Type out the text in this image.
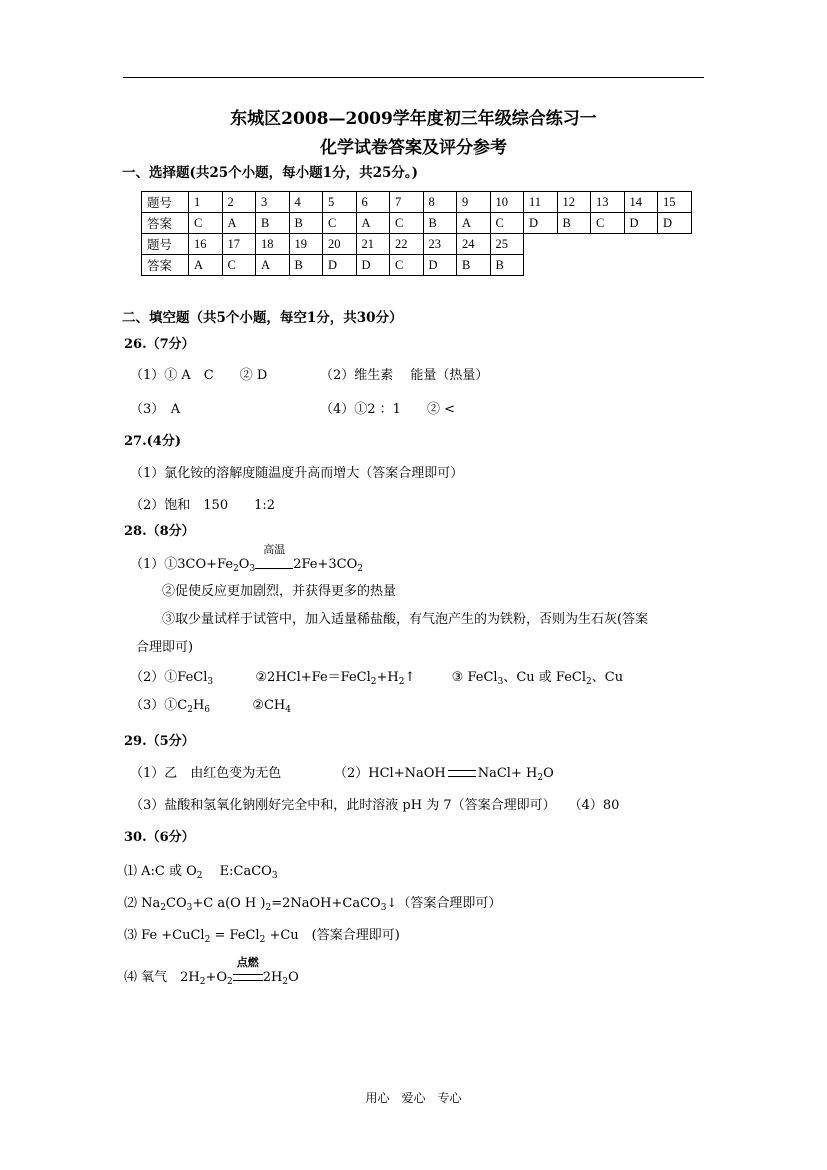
东城区2008—2009学年度初三年级综合练习一
化学试卷答案及评分参考
一、选择题(共25个小题，每小题1分，共25分。)
题号	1	2	3	4	5	6	7	8	9	10	11	12	13	14	15
答案	C	A	B	B	C	A	C	B	A	C	D	B	C	D	D
题号	16	17	18	19	20	21	22	23	24	25					
答案	A	C	A	B	D	D	C	D	B	B					
二、填空题（共5个小题，每空1分，共30分）
26.（7分）
（1）① A　C　　② D	（2）维生素　 能量（热量）
（3）　A	（4）①2 ：1　　② <
27.(4分)
（1）氯化铵的溶解度随温度升高而增大（答案合理即可）
（2）饱和　150　　1:2
28.（8分）
$(1)①3CO+Fe_2O_3$
高温
$2Fe+3CO_2$
②促使反应更加剧烈，并获得更多的热量
③取少量试样于试管中，加入适量稀盐酸，有气泡产生的为铁粉，否则为生石灰(答案
合理即可)
（2）①FeCl$_3$	$②2HCl+Fe=FeCl_2+H_2↑$	③ FeCl$_3$、Cu 或 FeCl$_2$、Cu
$(3)①C_2H_6$	$②CH_4$
29.（5分）
（1）乙　由红色变为无色	（2）HCl+NaOH NaCl+ $H_2O$
（3）盐酸和氢氧化钠刚好完全中和，此时溶液 pH 为 7（答案合理即可）　　（4）80
30.（6分）
⑴ A:C 或 $O_2$ 　E:CaCO$_3$
⑵ $Na_2CO_3+C$ a(O H )$_2=2NaOH+CaCO_3↓$（答案合理即可）
⑶ Fe +CuCl$_2$ = FeCl$_2$ +Cu　(答案合理即可)
⑷ 氧气　$2H_2+O_2$
点燃
$2H_2O$
用心　爱心　专心
